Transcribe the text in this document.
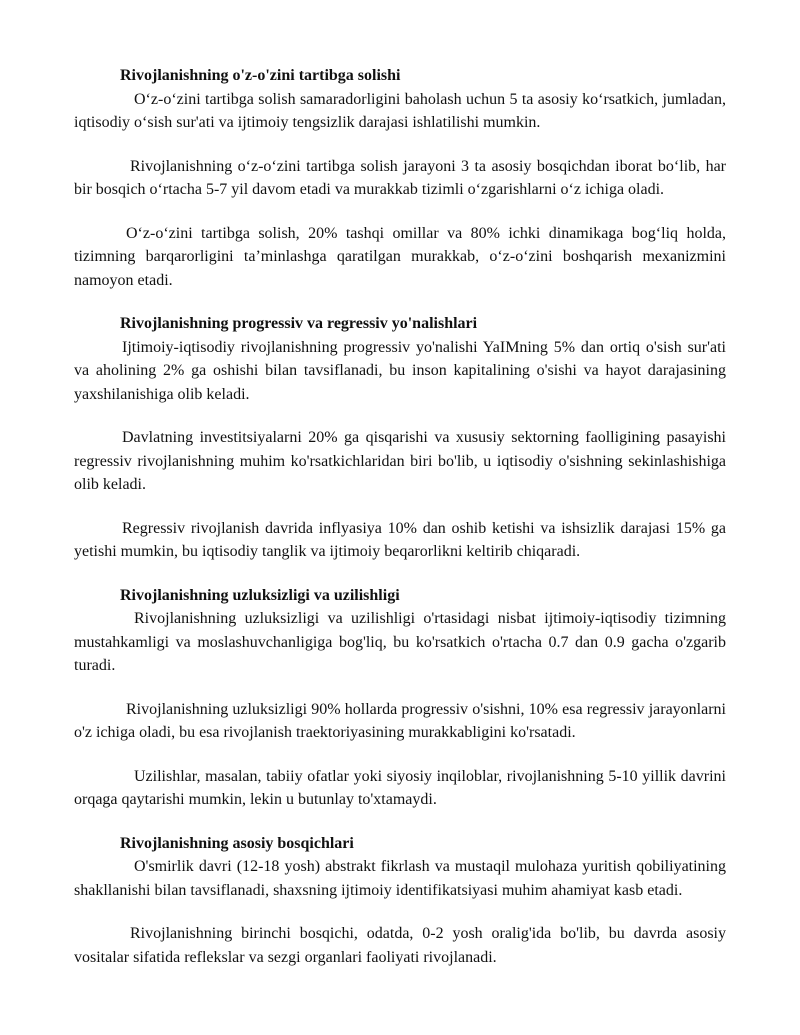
Rivojlanishning o'z-o'zini tartibga solishi

O‘z-o‘zini tartibga solish samaradorligini baholash uchun 5 ta asosiy ko‘rsatkich, jumladan, iqtisodiy o‘sish sur'ati va ijtimoiy tengsizlik darajasi ishlatilishi mumkin.

Rivojlanishning o‘z-o‘zini tartibga solish jarayoni 3 ta asosiy bosqichdan iborat bo‘lib, har bir bosqich o‘rtacha 5-7 yil davom etadi va murakkab tizimli o‘zgarishlarni o‘z ichiga oladi.

O‘z-o‘zini tartibga solish, 20% tashqi omillar va 80% ichki dinamikaga bog‘liq holda, tizimning barqarorligini ta’minlashga qaratilgan murakkab, o‘z-o‘zini boshqarish mexanizmini namoyon etadi.

Rivojlanishning progressiv va regressiv yo'nalishlari

Ijtimoiy-iqtisodiy rivojlanishning progressiv yo'nalishi YaIMning 5% dan ortiq o'sish sur'ati va aholining 2% ga oshishi bilan tavsiflanadi, bu inson kapitalining o'sishi va hayot darajasining yaxshilanishiga olib keladi.

Davlatning investitsiyalarni 20% ga qisqarishi va xususiy sektorning faolligining pasayishi regressiv rivojlanishning muhim ko'rsatkichlaridan biri bo'lib, u iqtisodiy o'sishning sekinlashishiga olib keladi.

Regressiv rivojlanish davrida inflyasiya 10% dan oshib ketishi va ishsizlik darajasi 15% ga yetishi mumkin, bu iqtisodiy tanglik va ijtimoiy beqarorlikni keltirib chiqaradi.

Rivojlanishning uzluksizligi va uzilishligi

Rivojlanishning uzluksizligi va uzilishligi o'rtasidagi nisbat ijtimoiy-iqtisodiy tizimning mustahkamligi va moslashuvchanligiga bog'liq, bu ko'rsatkich o'rtacha 0.7 dan 0.9 gacha o'zgarib turadi.

Rivojlanishning uzluksizligi 90% hollarda progressiv o'sishni, 10% esa regressiv jarayonlarni o'z ichiga oladi, bu esa rivojlanish traektoriyasining murakkabligini ko'rsatadi.

Uzilishlar, masalan, tabiiy ofatlar yoki siyosiy inqiloblar, rivojlanishning 5-10 yillik davrini orqaga qaytarishi mumkin, lekin u butunlay to'xtamaydi.

Rivojlanishning asosiy bosqichlari

O'smirlik davri (12-18 yosh) abstrakt fikrlash va mustaqil mulohaza yuritish qobiliyatining shakllanishi bilan tavsiflanadi, shaxsning ijtimoiy identifikatsiyasi muhim ahamiyat kasb etadi.

Rivojlanishning birinchi bosqichi, odatda, 0-2 yosh oralig'ida bo'lib, bu davrda asosiy vositalar sifatida reflekslar va sezgi organlari faoliyati rivojlanadi.
